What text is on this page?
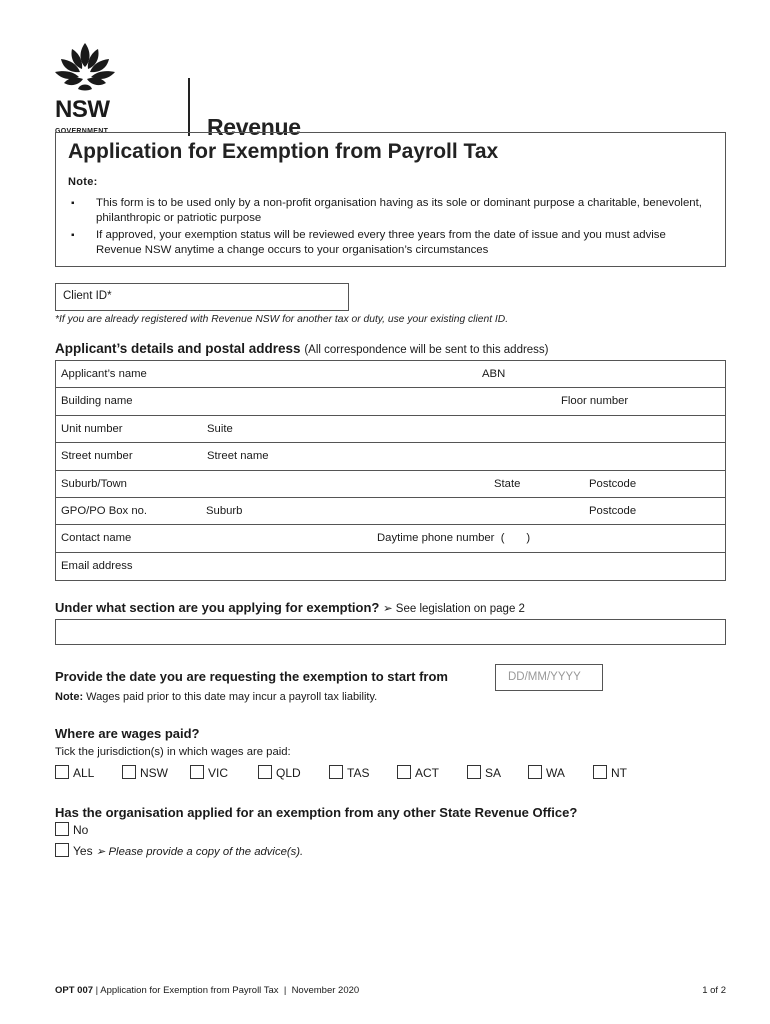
NSW
GOVERNMENT	Revenue
Application for Exemption from Payroll Tax
Note:
▪ This form is to be used only by a non-profit organisation having as its sole or dominant purpose a charitable, benevolent, philanthropic or patriotic purpose
▪ If approved, your exemption status will be reviewed every three years from the date of issue and you must advise Revenue NSW anytime a change occurs to your organisation’s circumstances
Client ID*
*If you are already registered with Revenue NSW for another tax or duty, use your existing client ID.
Applicant’s details and postal address (All correspondence will be sent to this address)
Applicant’s name	ABN
Building name	Floor number
Unit number	Suite
Street number	Street name
Suburb/Town	State	Postcode
GPO/PO Box no.	Suburb	Postcode
Contact name	Daytime phone number  (       )
Email address
Under what section are you applying for exemption? ➢ See legislation on page 2
Provide the date you are requesting the exemption to start from	DD/MM/YYYY
Note: Wages paid prior to this date may incur a payroll tax liability.
Where are wages paid?
Tick the jurisdiction(s) in which wages are paid:
ALL	NSW	VIC	QLD	TAS	ACT	SA	WA	NT
Has the organisation applied for an exemption from any other State Revenue Office?
No
Yes ➢ Please provide a copy of the advice(s).
OPT 007 | Application for Exemption from Payroll Tax  |  November 2020	1 of 2
